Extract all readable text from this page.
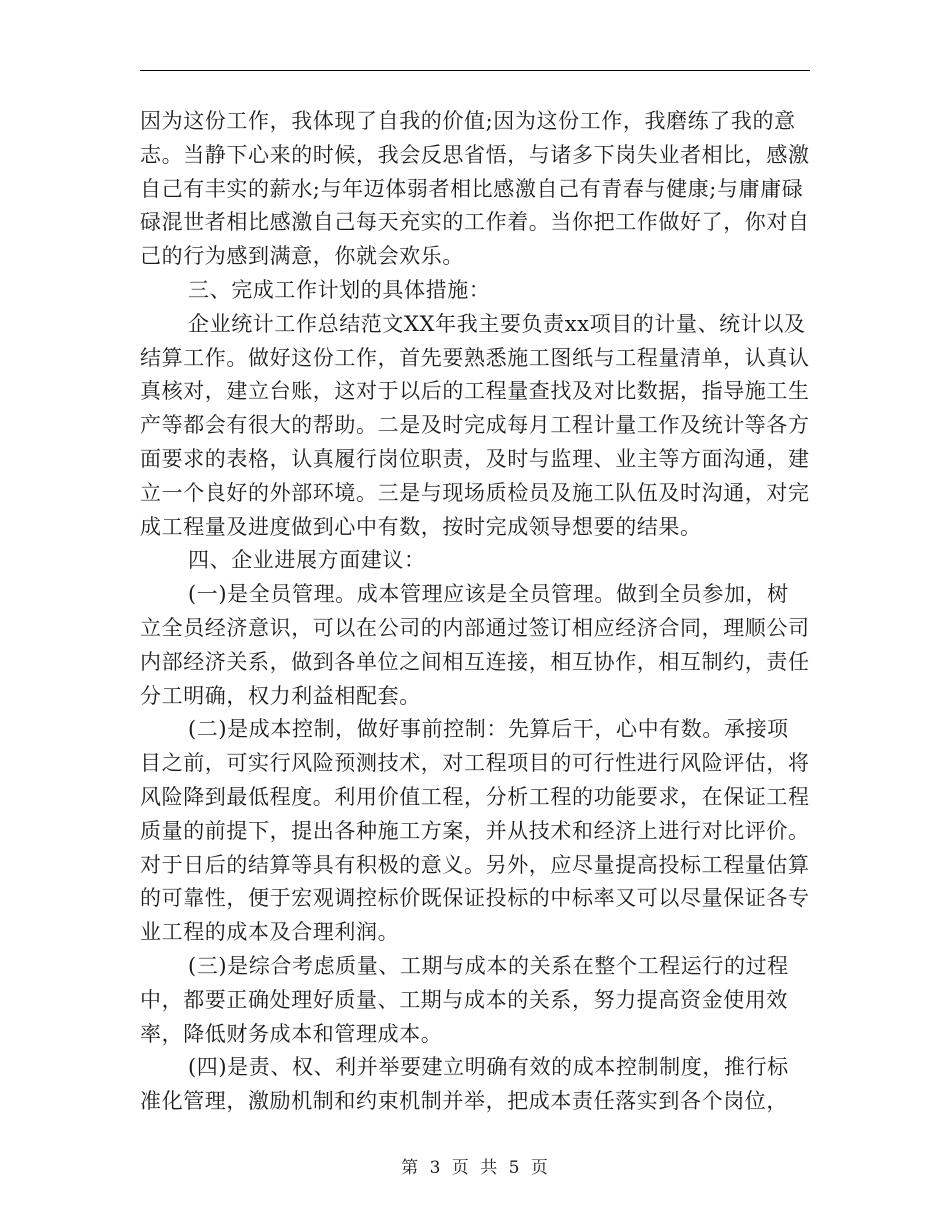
因为这份工作，我体现了自我的价值;因为这份工作，我磨练了我的意志。当静下心来的时候，我会反思省悟，与诸多下岗失业者相比，感激自己有丰实的薪水;与年迈体弱者相比感激自己有青春与健康;与庸庸碌碌混世者相比感激自己每天充实的工作着。当你把工作做好了，你对自己的行为感到满意，你就会欢乐。

三、完成工作计划的具体措施：

企业统计工作总结范文XX年我主要负责xx项目的计量、统计以及结算工作。做好这份工作，首先要熟悉施工图纸与工程量清单，认真认真核对，建立台账，这对于以后的工程量查找及对比数据，指导施工生产等都会有很大的帮助。二是及时完成每月工程计量工作及统计等各方面要求的表格，认真履行岗位职责，及时与监理、业主等方面沟通，建立一个良好的外部环境。三是与现场质检员及施工队伍及时沟通，对完成工程量及进度做到心中有数，按时完成领导想要的结果。

四、企业进展方面建议：

(一)是全员管理。成本管理应该是全员管理。做到全员参加，树立全员经济意识，可以在公司的内部通过签订相应经济合同，理顺公司内部经济关系，做到各单位之间相互连接，相互协作，相互制约，责任分工明确，权力利益相配套。

(二)是成本控制，做好事前控制：先算后干，心中有数。承接项目之前，可实行风险预测技术，对工程项目的可行性进行风险评估，将风险降到最低程度。利用价值工程，分析工程的功能要求，在保证工程质量的前提下，提出各种施工方案，并从技术和经济上进行对比评价。对于日后的结算等具有积极的意义。另外，应尽量提高投标工程量估算的可靠性，便于宏观调控标价既保证投标的中标率又可以尽量保证各专业工程的成本及合理利润。

(三)是综合考虑质量、工期与成本的关系在整个工程运行的过程中，都要正确处理好质量、工期与成本的关系，努力提高资金使用效率，降低财务成本和管理成本。

(四)是责、权、利并举要建立明确有效的成本控制制度，推行标准化管理，激励机制和约束机制并举，把成本责任落实到各个岗位，

第 3 页 共 5 页
